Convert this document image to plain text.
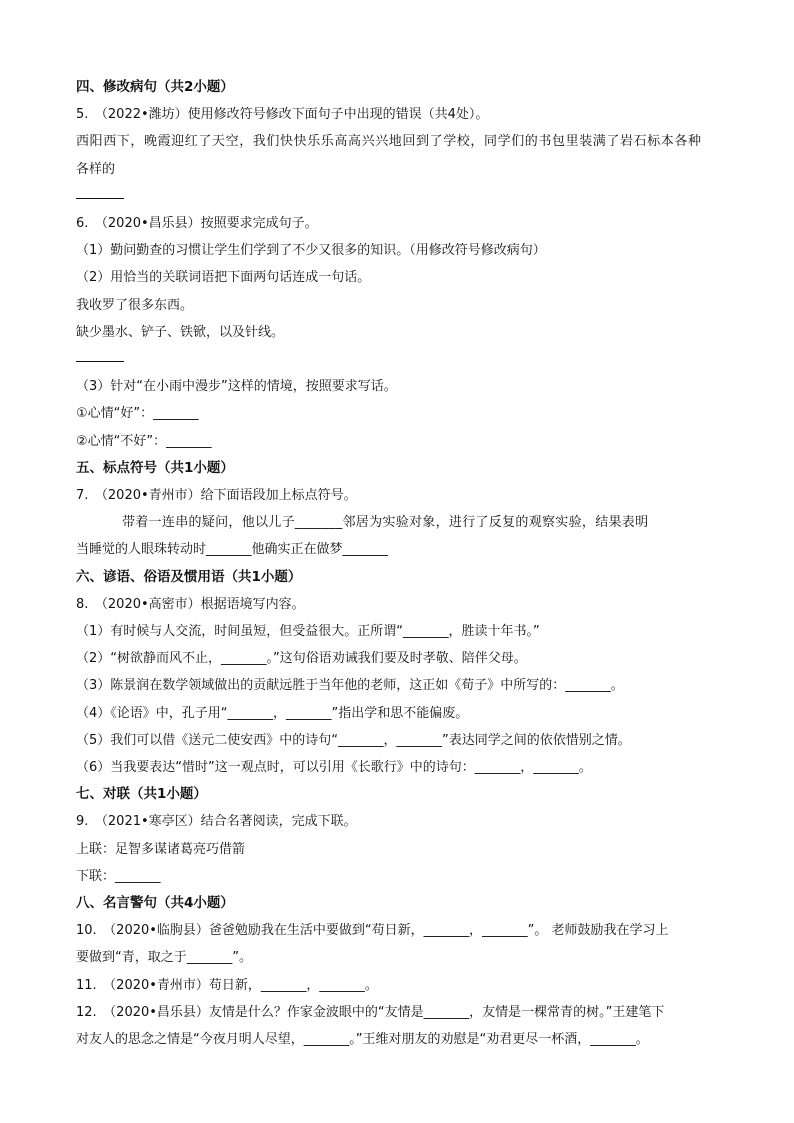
四、修改病句（共2小题）
5.　（2022•潍坊）使用修改符号修改下面句子中出现的错误（共4处）。
西阳西下，晚霞迎红了天空，我们快快乐乐高高兴兴地回到了学校，同学们的书包里装满了岩石标本各种
各样的
6.　（2020•昌乐县）按照要求完成句子。
（1）勤问勤查的习惯让学生们学到了不少又很多的知识。（用修改符号修改病句）
（2）用恰当的关联词语把下面两句话连成一句话。
我收罗了很多东西。
缺少墨水、铲子、铁锨，以及针线。
（3）针对“在小雨中漫步”这样的情境，按照要求写话。
①心情“好”：_______
②心情“不好”：_______
五、标点符号（共1小题）
7.　（2020•青州市）给下面语段加上标点符号。
带着一连串的疑问，他以儿子_______邻居为实验对象，进行了反复的观察实验，结果表明
当睡觉的人眼珠转动时_______他确实正在做梦_______
六、谚语、俗语及惯用语（共1小题）
8.　（2020•高密市）根据语境写内容。
（1）有时候与人交流，时间虽短，但受益很大。正所谓“_______，胜读十年书。”
（2）“树欲静而风不止，_______。”这句俗语劝诫我们要及时孝敬、陪伴父母。
（3）陈景润在数学领域做出的贡献远胜于当年他的老师，这正如《荀子》中所写的：_______。
（4）《论语》中，孔子用“_______，_______”指出学和思不能偏废。
（5）我们可以借《送元二使安西》中的诗句“_______，_______”表达同学之间的依依惜别之情。
（6）当我要表达“惜时”这一观点时，可以引用《长歌行》中的诗句：_______，_______。
七、对联（共1小题）
9.　（2021•寒亭区）结合名著阅读，完成下联。
上联：足智多谋诸葛亮巧借箭
下联：_______
八、名言警句（共4小题）
10.　（2020•临朐县）爸爸勉励我在生活中要做到“苟日新，_______，_______”。 老师鼓励我在学习上
要做到“青，取之于_______”。
11.　（2020•青州市）苟日新，_______，_______。
12.　（2020•昌乐县）友情是什么？作家金波眼中的“友情是_______，友情是一棵常青的树。”王建笔下
对友人的思念之情是“今夜月明人尽望，_______。”王维对朋友的劝慰是“劝君更尽一杯酒，_______。
